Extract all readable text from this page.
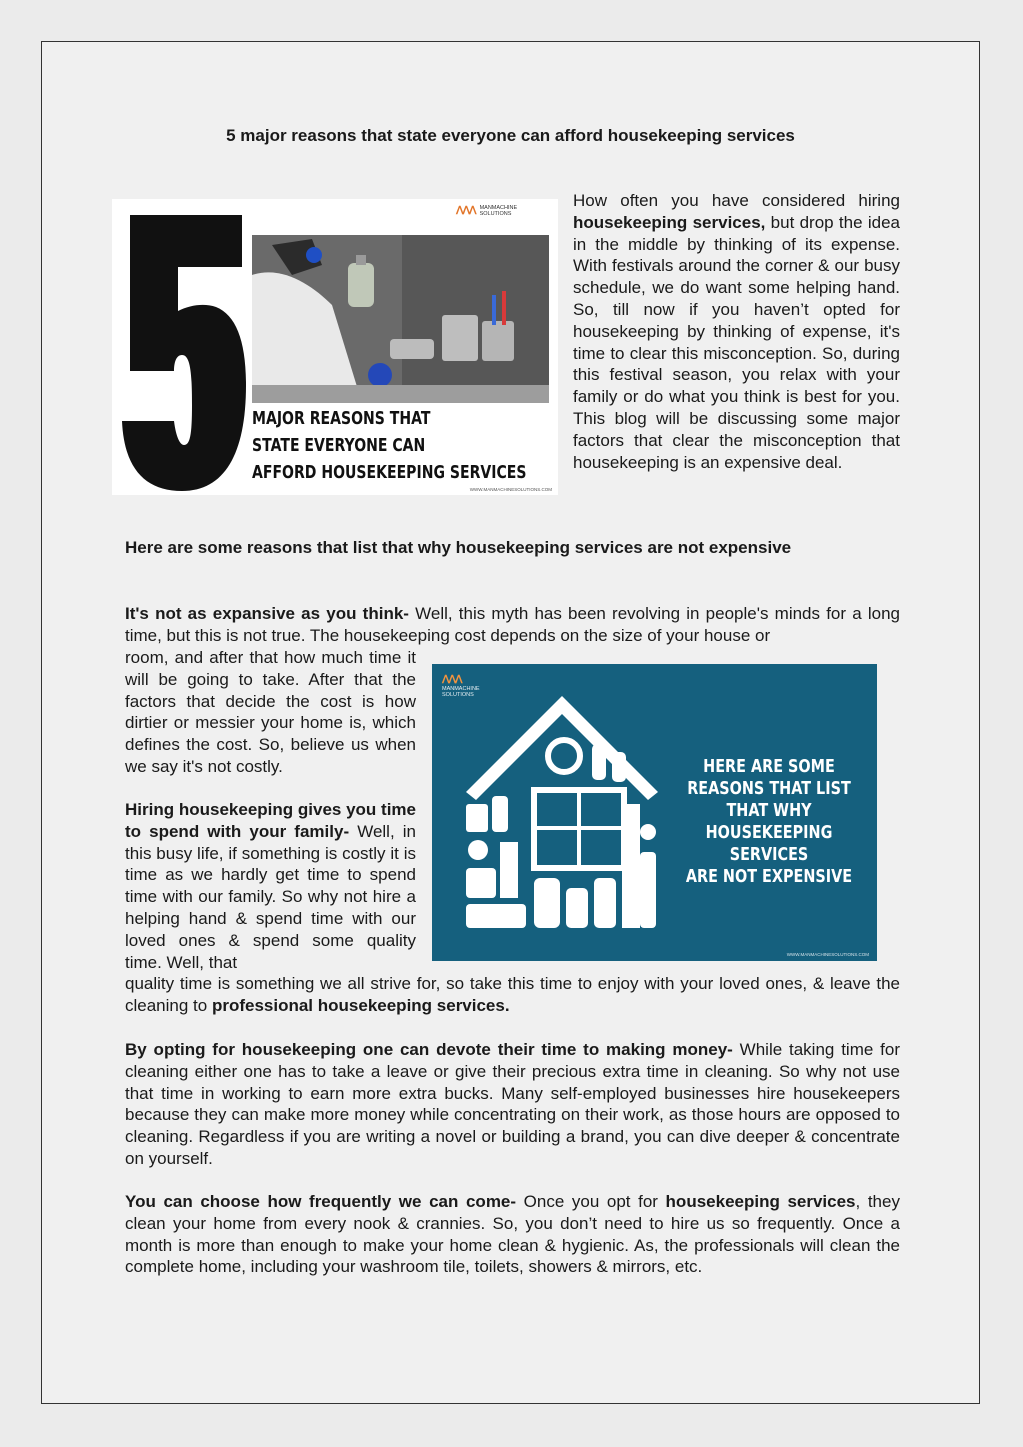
5 major reasons that state everyone can afford housekeeping services
ᐱᐱᐱ MANMACHINE
SOLUTIONS
MAJOR REASONS THAT
STATE EVERYONE CAN
AFFORD HOUSEKEEPING SERVICES
WWW.MANMACHINESOLUTIONS.COM
How often you have considered hiring housekeeping services, but drop the idea in the middle by thinking of its expense. With festivals around the corner & our busy schedule, we do want some helping hand. So, till now if you haven’t opted for housekeeping by thinking of expense, it's time to clear this misconception. So, during this festival season, you relax with your family or do what you think is best for you. This blog will be discussing some major factors that clear the misconception that housekeeping is an expensive deal.
Here are some reasons that list that why housekeeping services are not expensive
It's not as expansive as you think- Well, this myth has been revolving in people's minds for a long time, but this is not true. The housekeeping cost depends on the size of your house or
room, and after that how much time it will be going to take. After that the factors that decide the cost is how dirtier or messier your home is, which defines the cost. So, believe us when we say it's not costly.
Hiring housekeeping gives you time to spend with your family- Well, in this busy life, if something is costly it is time as we hardly get time to spend time with our family. So why not hire a helping hand & spend time with our loved ones & spend some quality time. Well, that
quality time is something we all strive for, so take this time to enjoy with your loved ones, & leave the cleaning to professional housekeeping services.
ᐱᐱᐱ
MANMACHINE
SOLUTIONS
HERE ARE SOME
REASONS THAT LIST
THAT WHY
HOUSEKEEPING SERVICES
ARE NOT EXPENSIVE
WWW.MANMACHINESOLUTIONS.COM
By opting for housekeeping one can devote their time to making money- While taking time for cleaning either one has to take a leave or give their precious extra time in cleaning. So why not use that time in working to earn more extra bucks. Many self-employed businesses hire housekeepers because they can make more money while concentrating on their work, as those hours are opposed to cleaning. Regardless if you are writing a novel or building a brand, you can dive deeper & concentrate on yourself.
You can choose how frequently we can come- Once you opt for housekeeping services, they clean your home from every nook & crannies. So, you don’t need to hire us so frequently. Once a month is more than enough to make your home clean & hygienic. As, the professionals will clean the complete home, including your washroom tile, toilets, showers & mirrors, etc.
